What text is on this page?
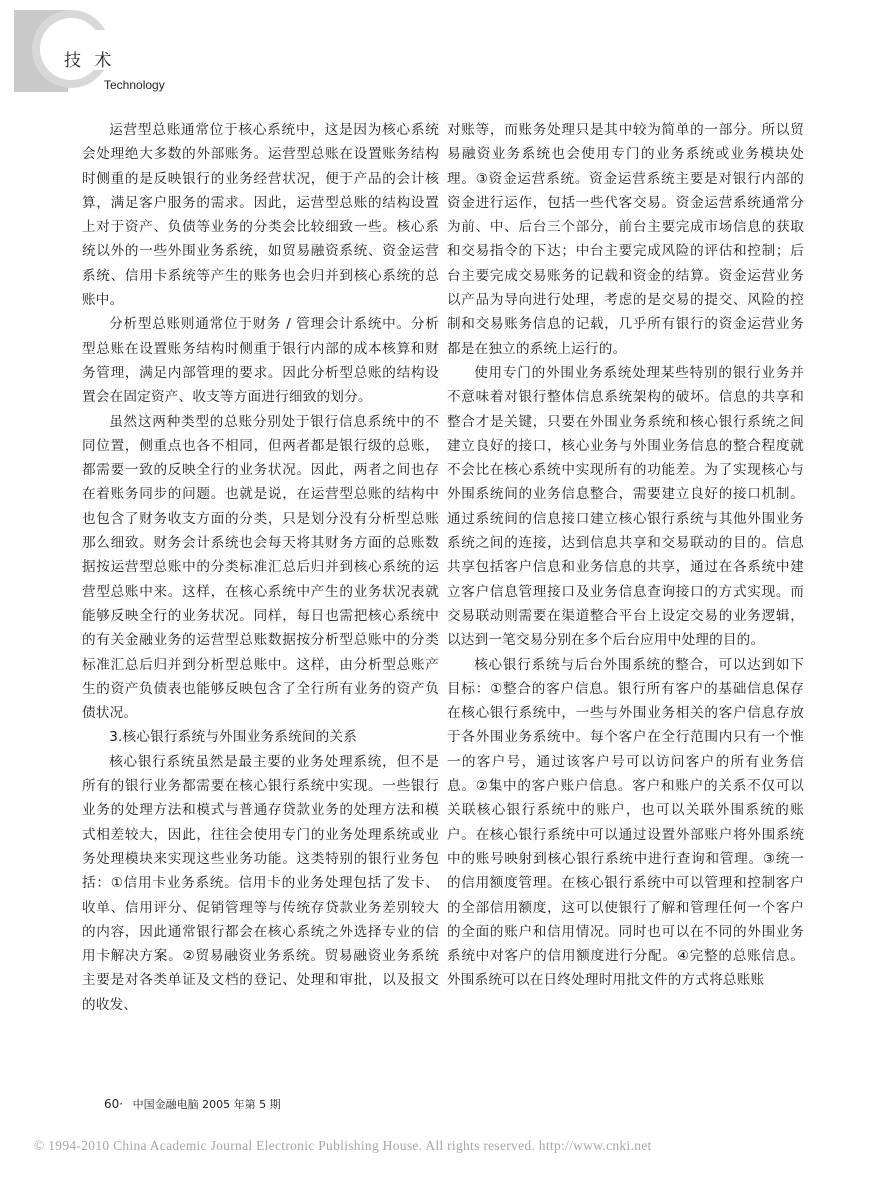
技 术
Technology

运营型总账通常位于核心系统中，这是因为核心系统会处理绝大多数的外部账务。运营型总账在设置账务结构时侧重的是反映银行的业务经营状况，便于产品的会计核算，满足客户服务的需求。因此，运营型总账的结构设置上对于资产、负债等业务的分类会比较细致一些。核心系统以外的一些外围业务系统，如贸易融资系统、资金运营系统、信用卡系统等产生的账务也会归并到核心系统的总账中。

分析型总账则通常位于财务 / 管理会计系统中。分析型总账在设置账务结构时侧重于银行内部的成本核算和财务管理，满足内部管理的要求。因此分析型总账的结构设置会在固定资产、收支等方面进行细致的划分。

虽然这两种类型的总账分别处于银行信息系统中的不同位置，侧重点也各不相同，但两者都是银行级的总账，都需要一致的反映全行的业务状况。因此，两者之间也存在着账务同步的问题。也就是说，在运营型总账的结构中也包含了财务收支方面的分类，只是划分没有分析型总账那么细致。财务会计系统也会每天将其财务方面的总账数据按运营型总账中的分类标准汇总后归并到核心系统的运营型总账中来。这样，在核心系统中产生的业务状况表就能够反映全行的业务状况。同样，每日也需把核心系统中的有关金融业务的运营型总账数据按分析型总账中的分类标准汇总后归并到分析型总账中。这样，由分析型总账产生的资产负债表也能够反映包含了全行所有业务的资产负债状况。

3.核心银行系统与外围业务系统间的关系

核心银行系统虽然是最主要的业务处理系统，但不是所有的银行业务都需要在核心银行系统中实现。一些银行业务的处理方法和模式与普通存贷款业务的处理方法和模式相差较大，因此，往往会使用专门的业务处理系统或业务处理模块来实现这些业务功能。这类特别的银行业务包括：①信用卡业务系统。信用卡的业务处理包括了发卡、收单、信用评分、促销管理等与传统存贷款业务差别较大的内容，因此通常银行都会在核心系统之外选择专业的信用卡解决方案。②贸易融资业务系统。贸易融资业务系统主要是对各类单证及文档的登记、处理和审批，以及报文的收发、

对账等，而账务处理只是其中较为简单的一部分。所以贸易融资业务系统也会使用专门的业务系统或业务模块处理。③资金运营系统。资金运营系统主要是对银行内部的资金进行运作，包括一些代客交易。资金运营系统通常分为前、中、后台三个部分，前台主要完成市场信息的获取和交易指令的下达；中台主要完成风险的评估和控制；后台主要完成交易账务的记载和资金的结算。资金运营业务以产品为导向进行处理，考虑的是交易的提交、风险的控制和交易账务信息的记载，几乎所有银行的资金运营业务都是在独立的系统上运行的。

使用专门的外围业务系统处理某些特别的银行业务并不意味着对银行整体信息系统架构的破坏。信息的共享和整合才是关键，只要在外围业务系统和核心银行系统之间建立良好的接口，核心业务与外围业务信息的整合程度就不会比在核心系统中实现所有的功能差。为了实现核心与外围系统间的业务信息整合，需要建立良好的接口机制。通过系统间的信息接口建立核心银行系统与其他外围业务系统之间的连接，达到信息共享和交易联动的目的。信息共享包括客户信息和业务信息的共享，通过在各系统中建立客户信息管理接口及业务信息查询接口的方式实现。而交易联动则需要在渠道整合平台上设定交易的业务逻辑，以达到一笔交易分别在多个后台应用中处理的目的。

核心银行系统与后台外围系统的整合，可以达到如下目标：①整合的客户信息。银行所有客户的基础信息保存在核心银行系统中，一些与外围业务相关的客户信息存放于各外围业务系统中。每个客户在全行范围内只有一个惟一的客户号，通过该客户号可以访问客户的所有业务信息。②集中的客户账户信息。客户和账户的关系不仅可以关联核心银行系统中的账户，也可以关联外围系统的账户。在核心银行系统中可以通过设置外部账户将外围系统中的账号映射到核心银行系统中进行查询和管理。③统一的信用额度管理。在核心银行系统中可以管理和控制客户的全部信用额度，这可以使银行了解和管理任何一个客户的全面的账户和信用情况。同时也可以在不同的外围业务系统中对客户的信用额度进行分配。④完整的总账信息。外围系统可以在日终处理时用批文件的方式将总账账

60· 中国金融电脑 2005 年第 5 期
© 1994-2010 China Academic Journal Electronic Publishing House. All rights reserved. http://www.cnki.net
